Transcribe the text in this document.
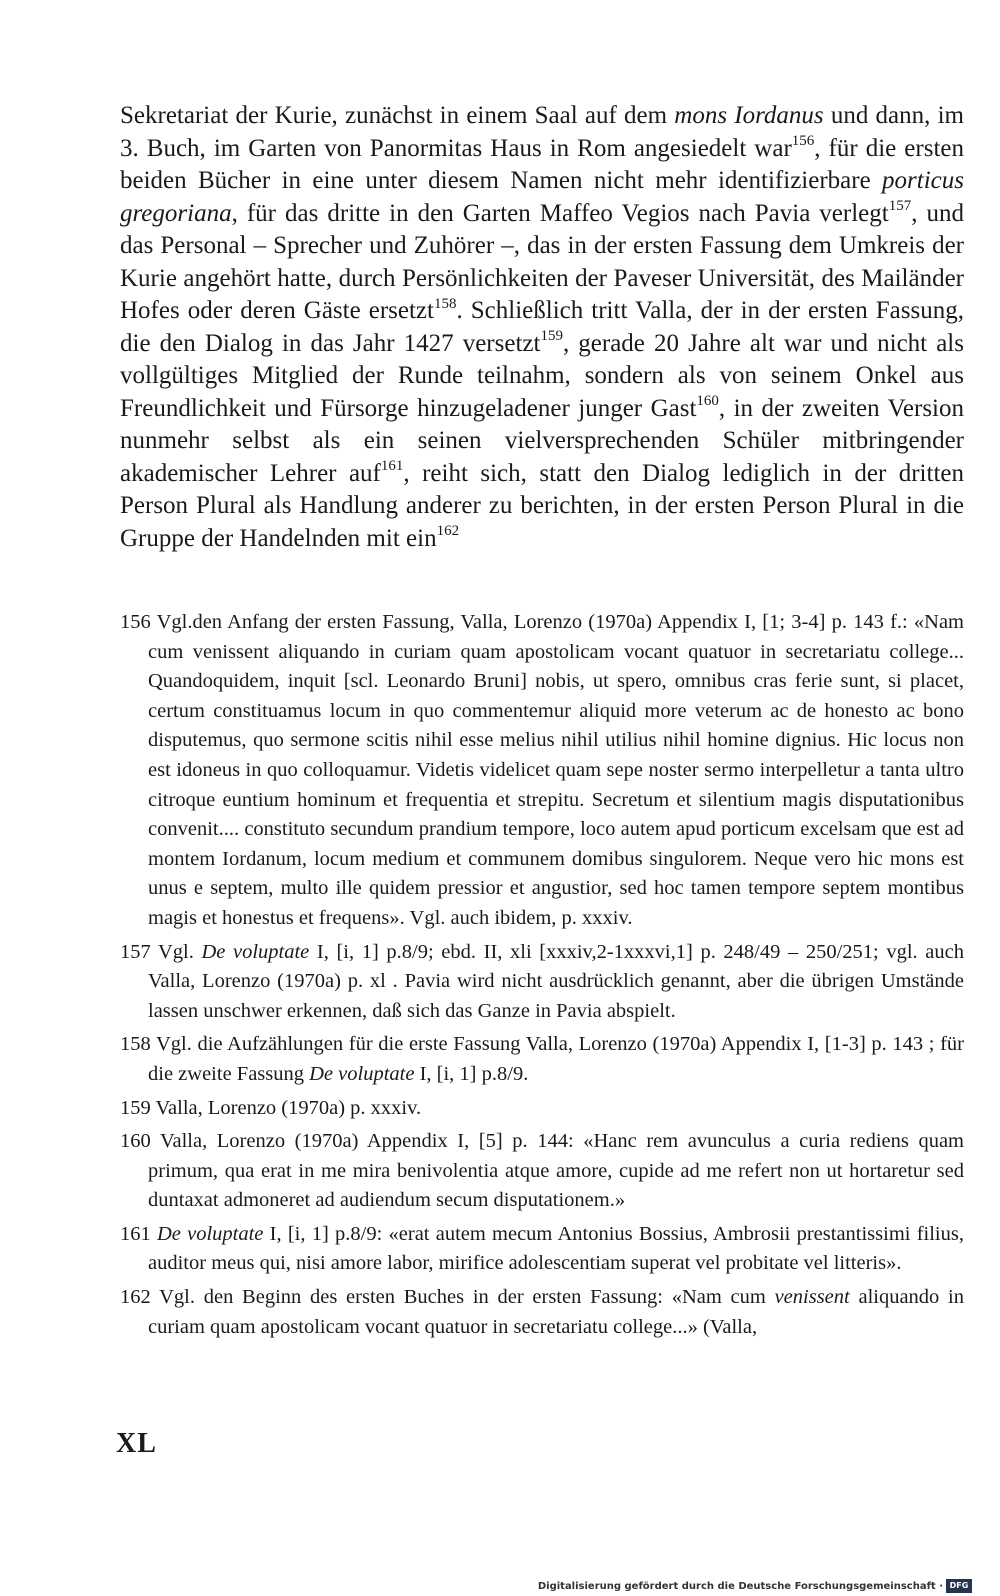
Sekretariat der Kurie, zunächst in einem Saal auf dem mons Iordanus und dann, im 3. Buch, im Garten von Panormitas Haus in Rom angesiedelt war$^{156}$, für die ersten beiden Bücher in eine unter diesem Namen nicht mehr identifizierbare porticus gregoriana, für das dritte in den Garten Maffeo Vegios nach Pavia verlegt$^{157}$, und das Personal – Sprecher und Zuhörer –, das in der ersten Fassung dem Umkreis der Kurie angehört hatte, durch Persönlichkeiten der Paveser Universität, des Mailänder Hofes oder deren Gäste ersetzt$^{158}$. Schließlich tritt Valla, der in der ersten Fassung, die den Dialog in das Jahr 1427 versetzt$^{159}$, gerade 20 Jahre alt war und nicht als vollgültiges Mitglied der Runde teilnahm, sondern als von seinem Onkel aus Freundlichkeit und Fürsorge hinzugeladener junger Gast$^{160}$, in der zweiten Version nunmehr selbst als ein seinen vielversprechenden Schüler mitbringender akademischer Lehrer auf$^{161}$, reiht sich, statt den Dialog lediglich in der dritten Person Plural als Handlung anderer zu berichten, in der ersten Person Plural in die Gruppe der Handelnden mit ein$^{162}$

156 Vgl.den Anfang der ersten Fassung, Valla, Lorenzo (1970a) Appendix I, [1; 3-4] p. 143 f.: «Nam cum venissent aliquando in curiam quam apostolicam vocant quatuor in secretariatu college... Quandoquidem, inquit [scl. Leonardo Bruni] nobis, ut spero, omnibus cras ferie sunt, si placet, certum constituamus locum in quo commentemur aliquid more veterum ac de honesto ac bono disputemus, quo sermone scitis nihil esse melius nihil utilius nihil homine dignius. Hic locus non est idoneus in quo colloquamur. Videtis videlicet quam sepe noster sermo interpelletur a tanta ultro citroque euntium hominum et frequentia et strepitu. Secretum et silentium magis disputationibus convenit.... constituto secundum prandium tempore, loco autem apud porticum excelsam que est ad montem Iordanum, locum medium et communem domibus singulorem. Neque vero hic mons est unus e septem, multo ille quidem pressior et angustior, sed hoc tamen tempore septem montibus magis et honestus et frequens». Vgl. auch ibidem, p. xxxiv.

157 Vgl. De voluptate I, [i, 1] p.8/9; ebd. II, xli [xxxiv,2-1xxxvi,1] p. 248/49 – 250/251; vgl. auch Valla, Lorenzo (1970a) p. xl . Pavia wird nicht ausdrücklich genannt, aber die übrigen Umstände lassen unschwer erkennen, daß sich das Ganze in Pavia abspielt.

158 Vgl. die Aufzählungen für die erste Fassung Valla, Lorenzo (1970a) Appendix I, [1-3] p. 143 ; für die zweite Fassung De voluptate I, [i, 1] p.8/9.

159 Valla, Lorenzo (1970a) p. xxxiv.

160 Valla, Lorenzo (1970a) Appendix I, [5] p. 144: «Hanc rem avunculus a curia rediens quam primum, qua erat in me mira benivolentia atque amore, cupide ad me refert non ut hortaretur sed duntaxat admoneret ad audiendum secum disputationem.»

161 De voluptate I, [i, 1] p.8/9: «erat autem mecum Antonius Bossius, Ambrosii prestantissimi filius, auditor meus qui, nisi amore labor, mirifice adolescentiam superat vel probitate vel litteris».

162 Vgl. den Beginn des ersten Buches in der ersten Fassung: «Nam cum venissent aliquando in curiam quam apostolicam vocant quatuor in secretariatu college...» (Valla,

XL
Digitalisierung gefördert durch die Deutsche Forschungsgemeinschaft · DFG
